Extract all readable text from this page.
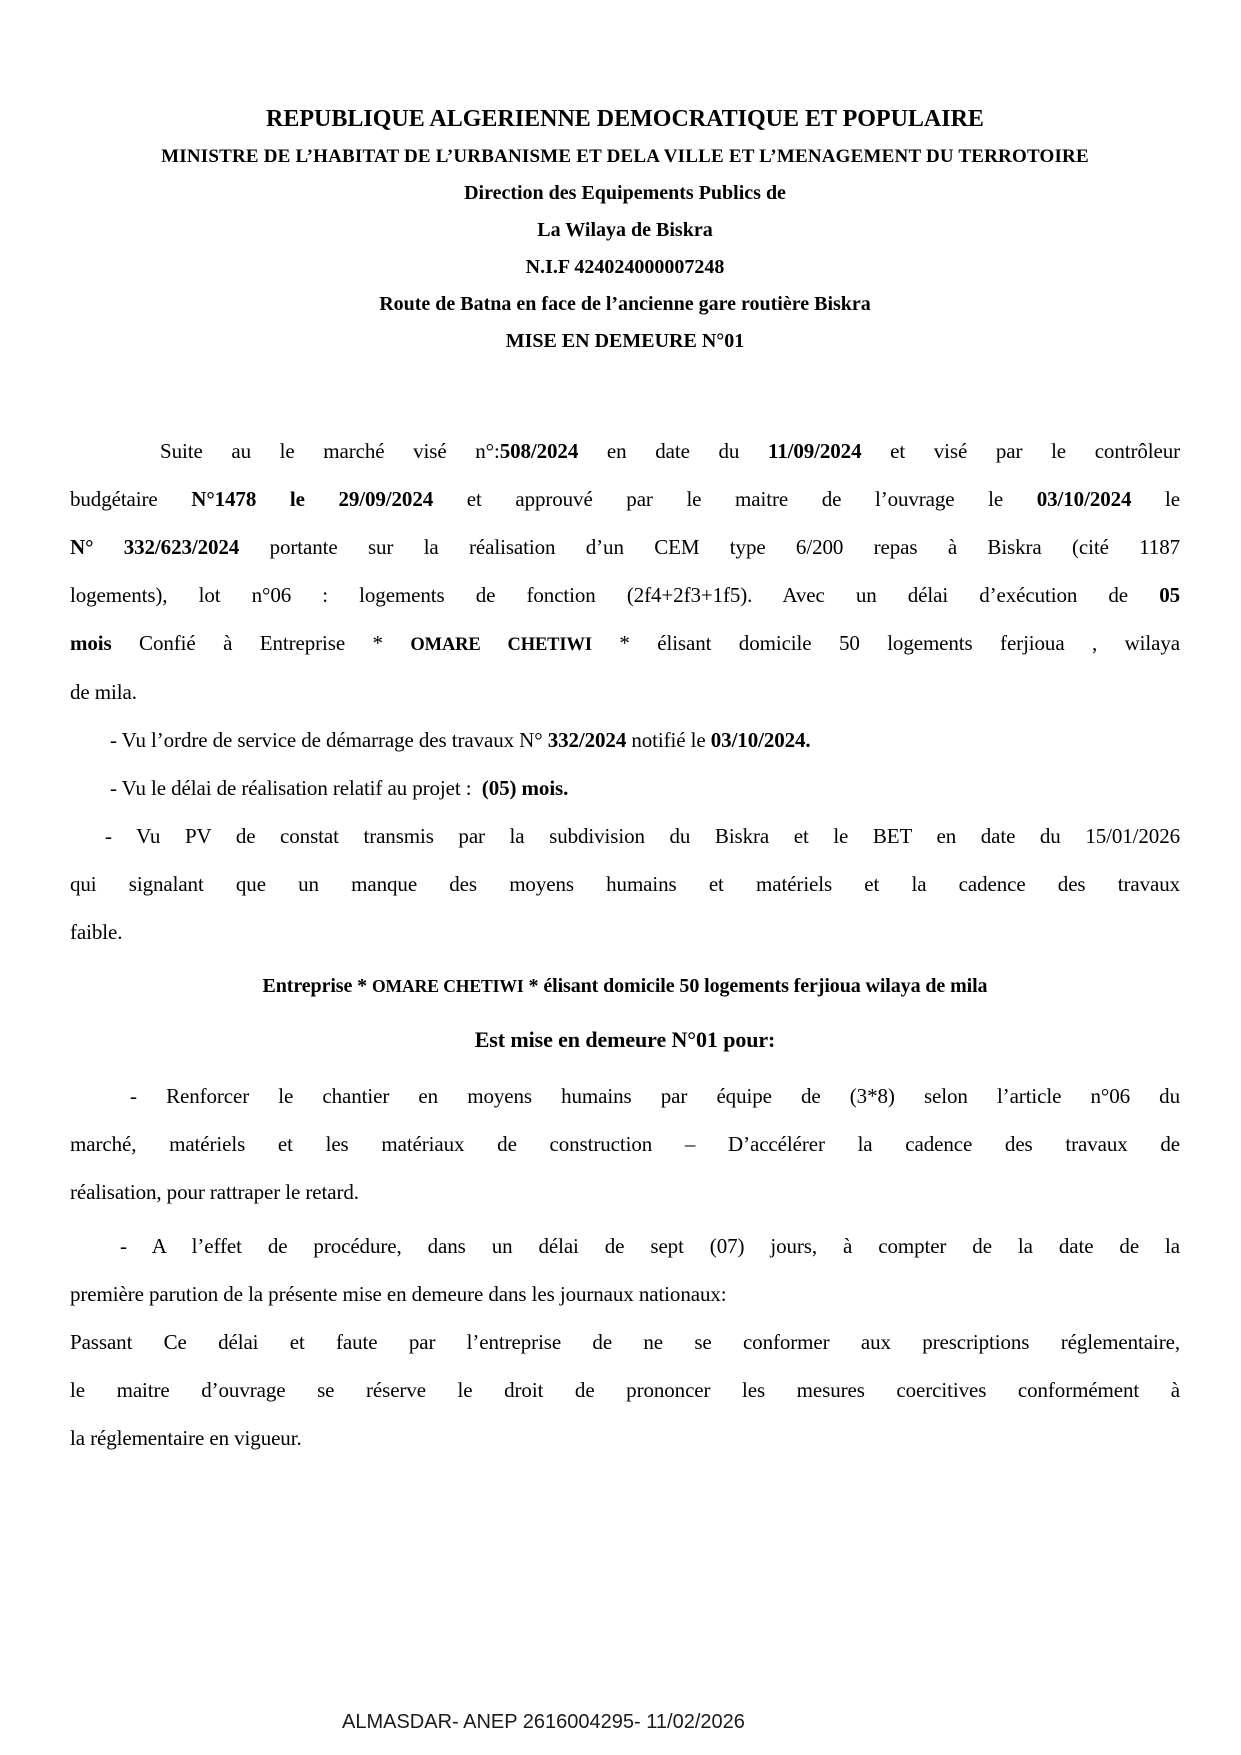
REPUBLIQUE ALGERIENNE DEMOCRATIQUE ET POPULAIRE
MINISTRE DE L’HABITAT DE L’URBANISME ET DELA VILLE ET L’MENAGEMENT DU TERROTOIRE
Direction des Equipements Publics de
La Wilaya de Biskra
N.I.F 424024000007248
Route de Batna en face de l’ancienne gare routière Biskra
MISE EN DEMEURE N°01
Suite au le marché visé n°:508/2024 en date du 11/09/2024 et visé par le contrôleur
budgétaire N°1478 le 29/09/2024 et approuvé par le maitre de l’ouvrage le 03/10/2024 le
N° 332/623/2024 portante sur la réalisation d’un CEM type 6/200 repas à Biskra (cité 1187
logements), lot n°06 : logements de fonction (2f4+2f3+1f5). Avec un délai d’exécution de 05
mois Confié à Entreprise * OMARE CHETIWI * élisant domicile 50 logements ferjioua , wilaya
de mila.
- Vu l’ordre de service de démarrage des travaux N° 332/2024 notifié le 03/10/2024.
- Vu le délai de réalisation relatif au projet :  (05) mois.
- Vu PV de constat transmis par la subdivision du Biskra et le BET en date du 15/01/2026
qui signalant que un manque des moyens humains et matériels et la cadence des travaux
faible.
Entreprise * OMARE CHETIWI * élisant domicile 50 logements ferjioua wilaya de mila
Est mise en demeure N°01 pour:
- Renforcer le chantier en moyens humains par équipe de (3*8) selon l’article n°06 du
marché, matériels et les matériaux de construction – D’accélérer la cadence des travaux de
réalisation, pour rattraper le retard.
- A l’effet de procédure, dans un délai de sept (07) jours, à compter de la date de la
première parution de la présente mise en demeure dans les journaux nationaux:
Passant Ce délai et faute par l’entreprise de ne se conformer aux prescriptions réglementaire,
le maitre d’ouvrage se réserve le droit de prononcer les mesures coercitives conformément à
la réglementaire en vigueur.
ALMASDAR- ANEP 2616004295- 11/02/2026
